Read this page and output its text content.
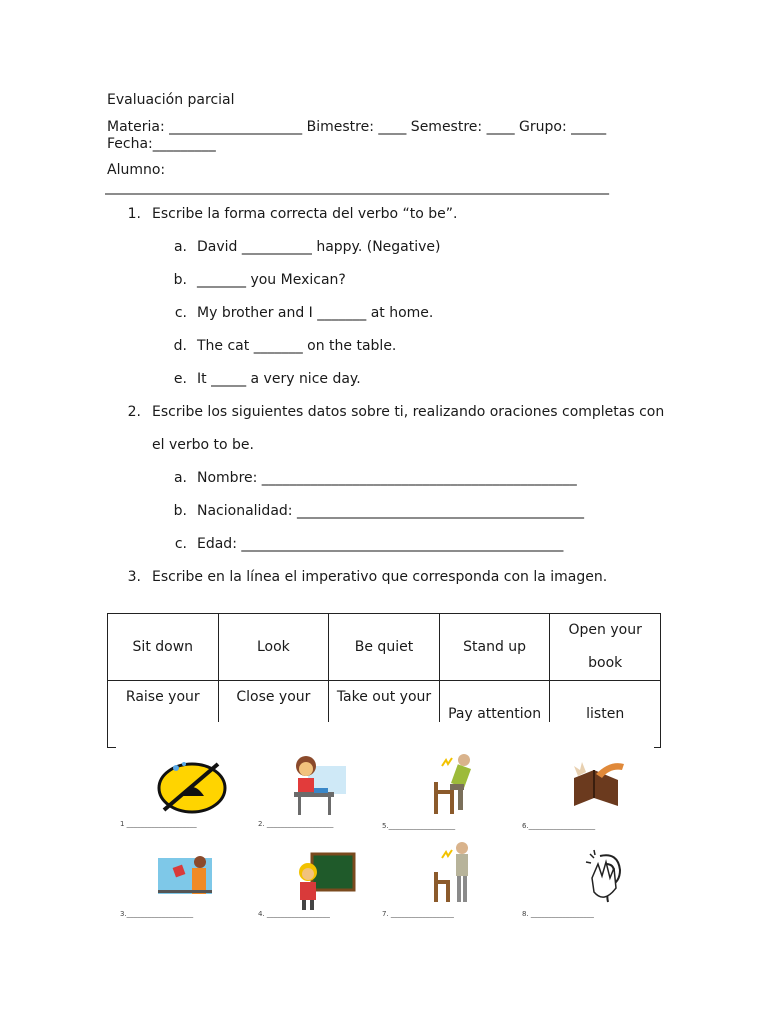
Evaluación parcial
Materia: ___________________ Bimestre: ____ Semestre: ____ Grupo: _____
Fecha:_________
Alumno:
________________________________________________________________________
1. Escribe la forma correcta del verbo “to be”.
a. David __________ happy. (Negative)
b. _______ you Mexican?
c. My brother and I _______ at home.
d. The cat _______ on the table.
e. It _____ a very nice day.
2. Escribe los siguientes datos sobre ti, realizando oraciones completas con
el verbo to be.
a. Nombre: _____________________________________________
b. Nacionalidad: _________________________________________
c. Edad: ______________________________________________
3. Escribe en la línea el imperativo que corresponda con la imagen.
Sit down	Look	Be quiet	Stand up	Open your book
Raise your	Close your	Take out your	Pay attention	listen
1 ____________________	2. ___________________	5.___________________	6.___________________
3.___________________	4. __________________	7. __________________	8. __________________
